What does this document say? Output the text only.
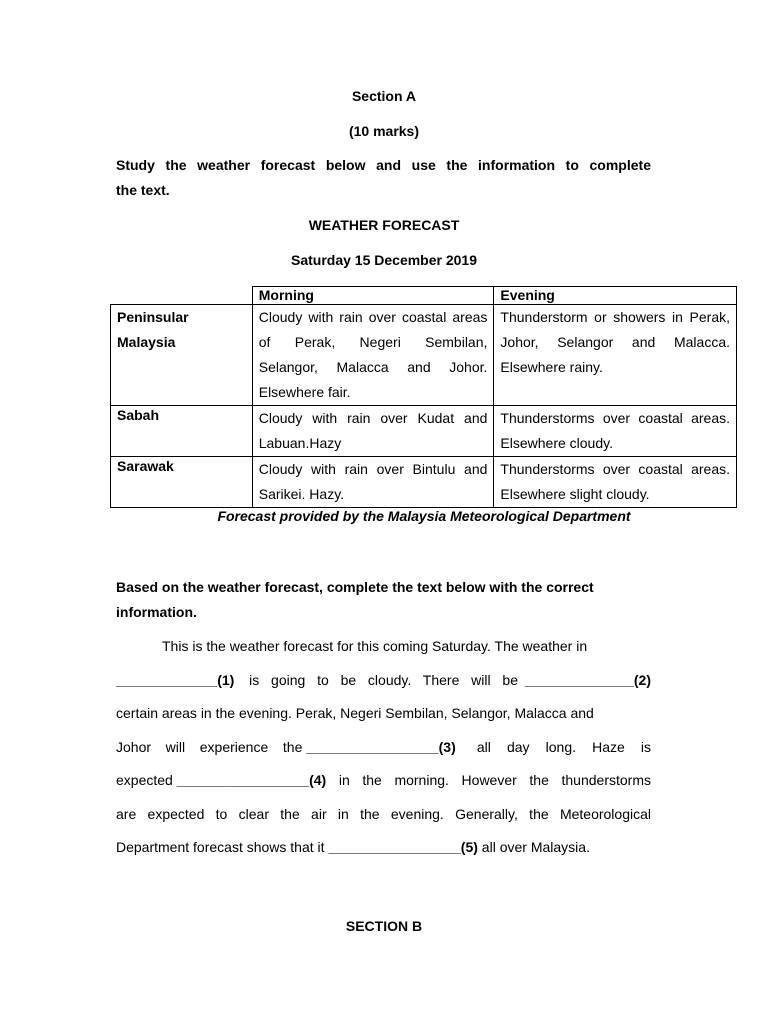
Section A
(10 marks)
Study the weather forecast below and use the information to complete
the text.
WEATHER FORECAST
Saturday 15 December 2019
	Morning	Evening

Peninsular Malaysia	Cloudy with rain over coastal areas of Perak, Negeri Sembilan, Selangor, Malacca and Johor. Elsewhere fair.	Thunderstorm or showers in Perak, Johor, Selangor and Malacca. Elsewhere rainy.
Sabah	Cloudy with rain over Kudat and Labuan.Hazy	Thunderstorms over coastal areas. Elsewhere cloudy.
Sarawak	Cloudy with rain over Bintulu and Sarikei. Hazy.	Thunderstorms over coastal areas. Elsewhere slight cloudy.
Forecast provided by the Malaysia Meteorological Department
Based on the weather forecast, complete the text below with the correct
information.
This is the weather forecast for this coming Saturday. The weather in
_____________(1) is going to be cloudy. There will be ______________(2)
certain areas in the evening. Perak, Negeri Sembilan, Selangor, Malacca and
Johor will experience the _________________(3) all day long. Haze is
expected _________________(4) in the morning. However the thunderstorms
are expected to clear the air in the evening. Generally, the Meteorological
Department forecast shows that it _________________(5) all over Malaysia.
SECTION B
